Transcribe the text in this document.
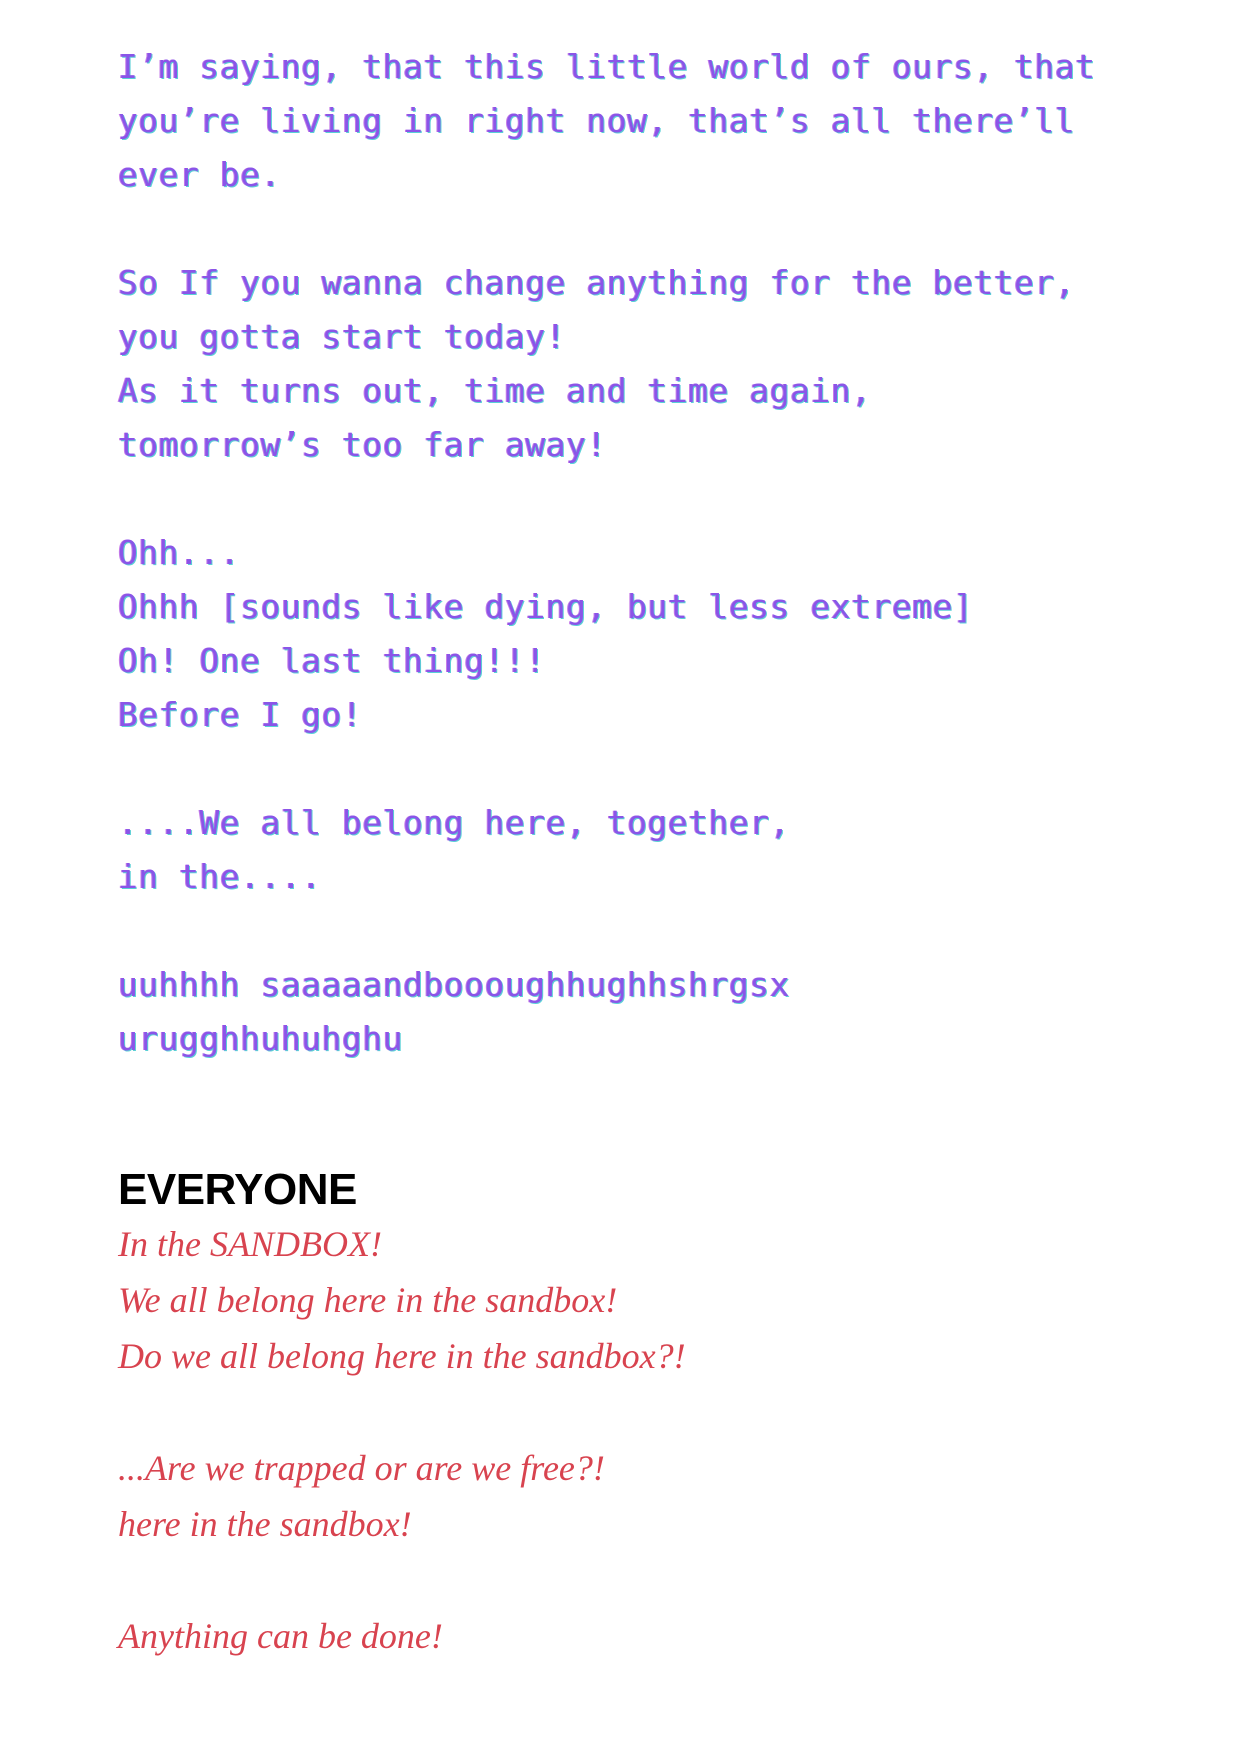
I’m saying, that this little world of ours, that you’re living in right now, that’s all there’ll ever be.
So If you wanna change anything for the better,
you gotta start today!
As it turns out, time and time again,
tomorrow’s too far away!
Ohh...
Ohhh [sounds like dying, but less extreme]
Oh! One last thing!!!
Before I go!
....We all belong here, together,
in the....
uuhhhh saaaaandboooughhughhshrgsx
urugghhuhuhghu
EVERYONE
In the SANDBOX!
We all belong here in the sandbox!
Do we all belong here in the sandbox?!
...Are we trapped or are we free?!
here in the sandbox!
Anything can be done!
